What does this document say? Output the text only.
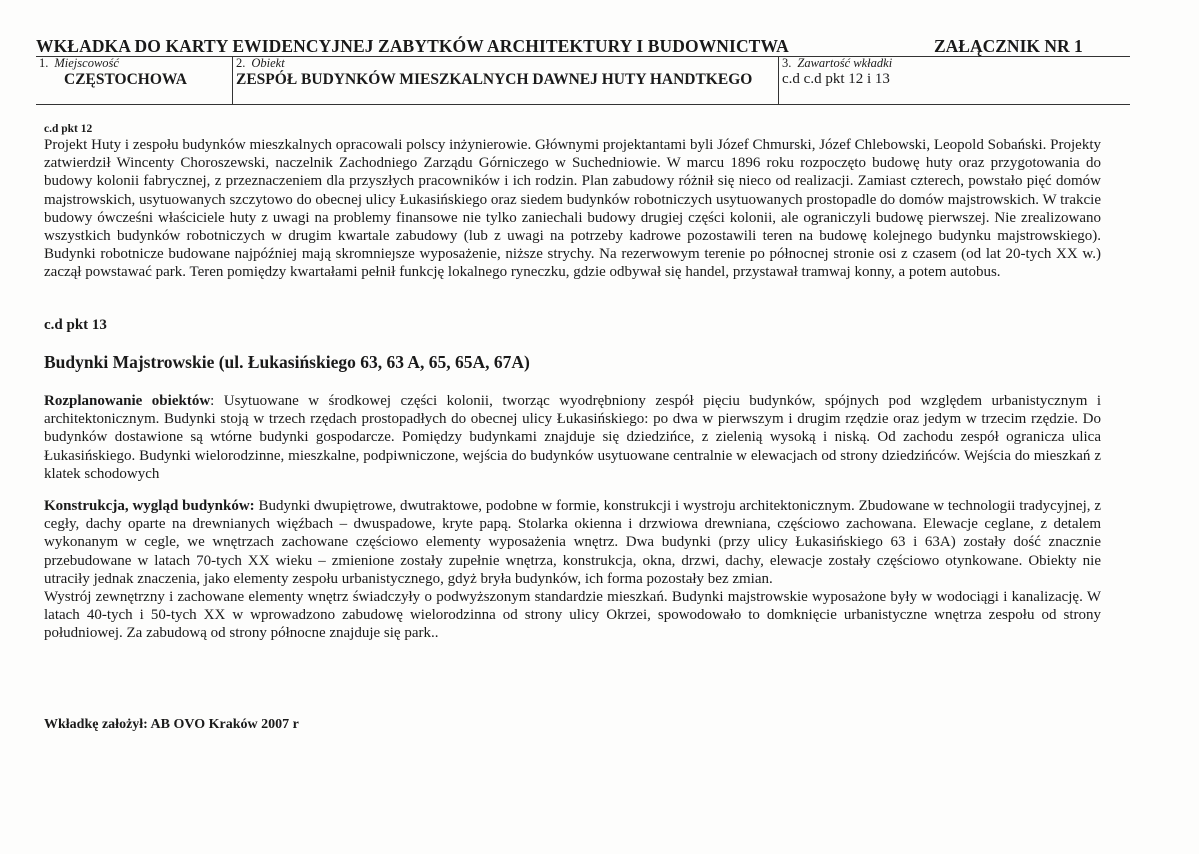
WKŁADKA DO KARTY EWIDENCYJNEJ ZABYTKÓW ARCHITEKTURY I BUDOWNICTWA	ZAŁĄCZNIK NR 1
1. Miejscowość
CZĘSTOCHOWA
2. Obiekt
ZESPÓŁ BUDYNKÓW MIESZKALNYCH DAWNEJ HUTY HANDTKEGO
3. Zawartość wkładki
c.d c.d pkt 12 i 13
c.d pkt 12

Projekt Huty i zespołu budynków mieszkalnych opracowali polscy inżynierowie. Głównymi projektantami byli Józef Chmurski, Józef Chlebowski, Leopold Sobański. Projekty zatwierdził Wincenty Choroszewski, naczelnik Zachodniego Zarządu Górniczego w Suchedniowie. W marcu 1896 roku rozpoczęto budowę huty oraz przygotowania do budowy kolonii fabrycznej, z przeznaczeniem dla przyszłych pracowników i ich rodzin. Plan zabudowy różnił się nieco od realizacji. Zamiast czterech, powstało pięć domów majstrowskich, usytuowanych szczytowo do obecnej ulicy Łukasińskiego oraz siedem budynków robotniczych usytuowanych prostopadle do domów majstrowskich. W trakcie budowy ówcześni właściciele huty z uwagi na problemy finansowe nie tylko zaniechali budowy drugiej części kolonii, ale ograniczyli budowę pierwszej. Nie zrealizowano wszystkich budynków robotniczych w drugim kwartale zabudowy (lub z uwagi na potrzeby kadrowe pozostawili teren na budowę kolejnego budynku majstrowskiego). Budynki robotnicze budowane najpóźniej mają skromnieȷsze wyposażenie, niższe strychy. Na rezerwowym terenie po północnej stronie osi z czasem (od lat 20-tych XX w.) zaczął powstawać park. Teren pomiędzy kwartałami pełnił funkcję lokalnego ryneczku, gdzie odbywał się handel, przystawał tramwaj konny, a potem autobus.

c.d pkt 13
Budynki Majstrowskie (ul. Łukasińskiego 63, 63 A, 65, 65A, 67A)

Rozplanowanie obiektów: Usytuowane w środkowej części kolonii, tworząc wyodrębniony zespół pięciu budynków, spójnych pod względem urbanistycznym i architektonicznym. Budynki stoją w trzech rzędach prostopadłych do obecnej ulicy Łukasińskiego: po dwa w pierwszym i drugim rzędzie oraz jedym w trzecim rzędzie. Do budynków dostawione są wtórne budynki gospodarcze. Pomiędzy budynkami znajduje się dziedzińce, z zielenią wysoką i niską. Od zachodu zespół ogranicza ulica Łukasińskiego. Budynki wielorodzinne, mieszkalne, podpiwniczone, wejścia do budynków usytuowane centralnie w elewacjach od strony dziedzińców. Wejścia do mieszkań z klatek schodowych

Konstrukcja, wygląd budynków: Budynki dwupiętrowe, dwutraktowe, podobne w formie, konstrukcji i wystroju architektonicznym. Zbudowane w technologii tradycyjnej, z cegły, dachy oparte na drewnianych więźbach – dwuspadowe, kryte papą. Stolarka okienna i drzwiowa drewniana, częściowo zachowana. Elewacje ceglane, z detalem wykonanym w cegle, we wnętrzach zachowane częściowo elementy wyposażenia wnętrz. Dwa budynki (przy ulicy Łukasińskiego 63 i 63A) zostały dość znacznie przebudowane w latach 70-tych XX wieku – zmienione zostały zupełnie wnętrza, konstrukcja, okna, drzwi, dachy, elewacje zostały częściowo otynkowane. Obiekty nie utraciły jednak znaczenia, jako elementy zespołu urbanistycznego, gdyż bryła budynków, ich forma pozostały bez zmian.

Wystrój zewnętrzny i zachowane elementy wnętrz świadczyły o podwyższonym standardzie mieszkań. Budynki majstrowskie wyposażone były w wodociągi i kanalizację. W latach 40-tych i 50-tych XX w wprowadzono zabudowę wielorodzinna od strony ulicy Okrzei, spowodowało to domknięcie urbanistyczne wnętrza zespołu od strony południowej. Za zabudową od strony północne znajduje się park..

Wkładkę założył: AB OVO Kraków 2007 r
